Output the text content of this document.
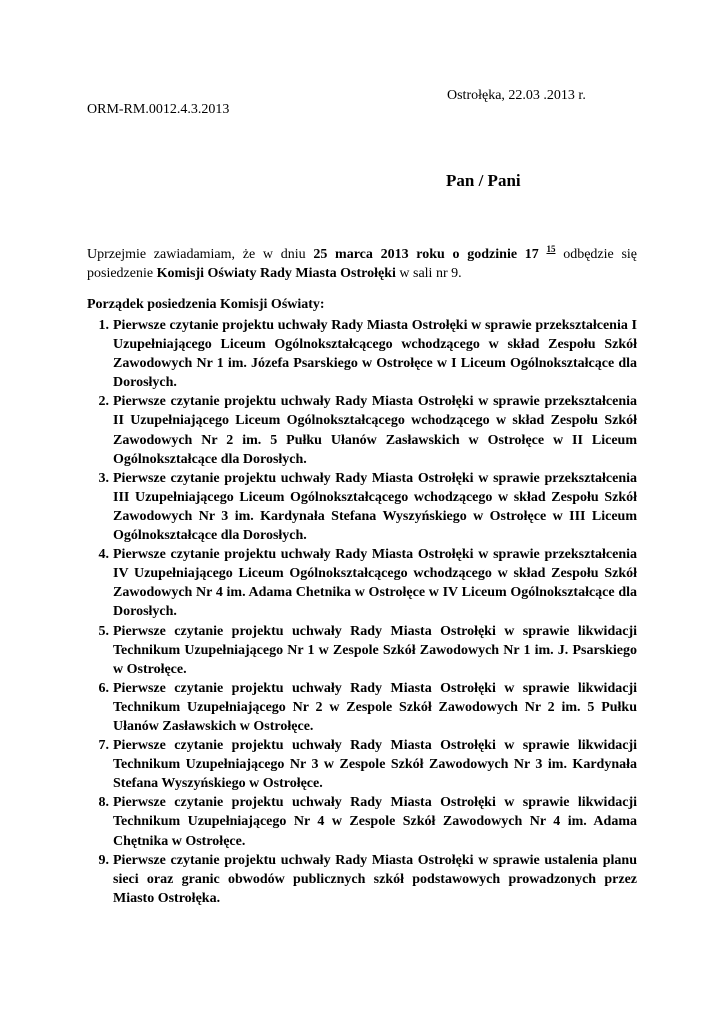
Ostrołęka, 22.03 .2013 r.
ORM-RM.0012.4.3.2013
Pan / Pani
Uprzejmie zawiadamiam, że w dniu 25 marca 2013 roku o godzinie 17 $^{15}$ odbędzie się posiedzenie Komisji Oświaty Rady Miasta Ostrołęki w sali nr 9.
Porządek posiedzenia Komisji Oświaty:
1. Pierwsze czytanie projektu uchwały Rady Miasta Ostrołęki w sprawie przekształcenia I Uzupełniającego Liceum Ogólnokształcącego wchodzącego w skład Zespołu Szkół Zawodowych Nr 1 im. Józefa Psarskiego w Ostrołęce w I Liceum Ogólnokształcące dla Dorosłych.
2. Pierwsze czytanie projektu uchwały Rady Miasta Ostrołęki w sprawie przekształcenia II Uzupełniającego Liceum Ogólnokształcącego wchodzącego w skład Zespołu Szkół Zawodowych Nr 2 im. 5 Pułku Ułanów Zasławskich w Ostrołęce w II Liceum Ogólnokształcące dla Dorosłych.
3. Pierwsze czytanie projektu uchwały Rady Miasta Ostrołęki w sprawie przekształcenia III Uzupełniającego Liceum Ogólnokształcącego wchodzącego w skład Zespołu Szkół Zawodowych Nr 3 im. Kardynała Stefana Wyszyńskiego w Ostrołęce w III Liceum Ogólnokształcące dla Dorosłych.
4. Pierwsze czytanie projektu uchwały Rady Miasta Ostrołęki w sprawie przekształcenia IV Uzupełniającego Liceum Ogólnokształcącego wchodzącego w skład Zespołu Szkół Zawodowych Nr 4 im. Adama Chetnika w Ostrołęce w IV Liceum Ogólnokształcące dla Dorosłych.
5. Pierwsze czytanie projektu uchwały Rady Miasta Ostrołęki w sprawie likwidacji Technikum Uzupełniającego Nr 1 w Zespole Szkół Zawodowych Nr 1 im. J. Psarskiego w Ostrołęce.
6. Pierwsze czytanie projektu uchwały Rady Miasta Ostrołęki w sprawie likwidacji Technikum Uzupełniającego Nr 2 w Zespole Szkół Zawodowych Nr 2 im. 5 Pułku Ułanów Zasławskich w Ostrołęce.
7. Pierwsze czytanie projektu uchwały Rady Miasta Ostrołęki w sprawie likwidacji Technikum Uzupełniającego Nr 3 w Zespole Szkół Zawodowych Nr 3 im. Kardynała Stefana Wyszyńskiego w Ostrołęce.
8. Pierwsze czytanie projektu uchwały Rady Miasta Ostrołęki w sprawie likwidacji Technikum Uzupełniającego Nr 4 w Zespole Szkół Zawodowych Nr 4 im. Adama Chętnika w Ostrołęce.
9. Pierwsze czytanie projektu uchwały Rady Miasta Ostrołęki w sprawie ustalenia planu sieci oraz granic obwodów publicznych szkół podstawowych prowadzonych przez Miasto Ostrołęka.
